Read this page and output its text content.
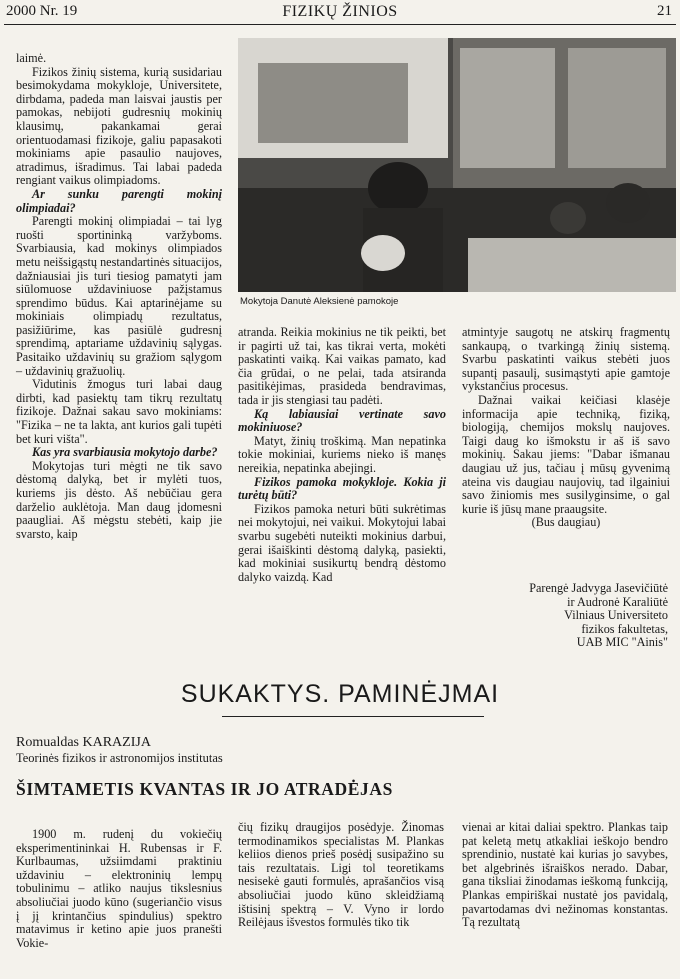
2000 Nr. 19	FIZIKŲ ŽINIOS	21

laimė.

Fizikos žinių sistema, kurią susidariau besimokydama mokykloje, Universitete, dirbdama, padeda man laisvai jaustis per pamokas, nebijoti gudresnių mokinių klausimų, pakankamai gerai orientuodamasi fizikoje, galiu papasakoti mokiniams apie pasaulio naujoves, atradimus, išradimus. Tai labai padeda rengiant vaikus olimpiadoms.

Ar sunku parengti mokinį olimpiadai?

Parengti mokinį olimpiadai – tai lyg ruošti sportininką varžyboms. Svarbiausia, kad mokinys olimpiados metu neišsigąstų nestandartinės situacijos, dažniausiai jis turi tiesiog pamatyti jam siūlomuose uždaviniuose pažįstamus sprendimo būdus. Kai aptarinėjame su mokiniais olimpiadų rezultatus, pasižiūrime, kas pasiūlė gudresnį sprendimą, aptariame uždavinių sąlygas. Pasitaiko uždavinių su gražiom sąlygom – uždavinių gražuolių.

Vidutinis žmogus turi labai daug dirbti, kad pasiektų tam tikrų rezultatų fizikoje. Dažnai sakau savo mokiniams: "Fizika – ne ta lakta, ant kurios gali tupėti bet kuri višta".

Kas yra svarbiausia mokytojo darbe?

Mokytojas turi mėgti ne tik savo dėstomą dalyką, bet ir mylėti tuos, kuriems jis dėsto. Aš nebūčiau gera darželio auklėtoja. Man daug įdomesni paaugliai. Aš mėgstu stebėti, kaip jie svarsto, kaip

Mokytoja Danutė Aleksienė pamokoje

atranda. Reikia mokinius ne tik peikti, bet ir pagirti už tai, kas tikrai verta, mokėti paskatinti vaiką. Kai vaikas pamato, kad čia grūdai, o ne pelai, tada atsiranda pasitikėjimas, prasideda bendravimas, tada ir jis stengiasi tau padėti.

Ką labiausiai vertinate savo mokiniuose?

Matyt, žinių troškimą. Man nepatinka tokie mokiniai, kuriems nieko iš manęs nereikia, nepatinka abejingi.

Fizikos pamoka mokykloje. Kokia ji turėtų būti?

Fizikos pamoka neturi būti sukrėtimas nei mokytojui, nei vaikui. Mokytojui labai svarbu sugebėti nuteikti mokinius darbui, gerai išaiškinti dėstomą dalyką, pasiekti, kad mokiniai susikurtų bendrą dėstomo dalyko vaizdą. Kad

atmintyje saugotų ne atskirų fragmentų sankaupą, o tvarkingą žinių sistemą. Svarbu paskatinti vaikus stebėti juos supantį pasaulį, susimąstyti apie gamtoje vykstančius procesus.

Dažnai vaikai keičiasi klasėje informacija apie techniką, fiziką, biologiją, chemijos mokslų naujoves. Taigi daug ko išmokstu ir aš iš savo mokinių. Sakau jiems: "Dabar išmanau daugiau už jus, tačiau į mūsų gyvenimą ateina vis daugiau naujovių, tad ilgainiui savo žiniomis mes susilyginsime, o gal kurie iš jūsų mane praaugsite.

(Bus daugiau)

Parengė Jadvyga Jasevičiūtė

ir Audronė Karaliūtė

Vilniaus Universiteto

fizikos fakultetas,

UAB MIC "Ainis"

SUKAKTYS. PAMINĖJMAI
Romualdas KARAZIJA
Teorinės fizikos ir astronomijos institutas
ŠIMTAMETIS KVANTAS IR JO ATRADĖJAS

1900 m. rudenį du vokiečių eksperimentininkai H. Rubensas ir F. Kurlbaumas, užsiimdami praktiniu uždaviniu – elektroninių lempų tobulinimu – atliko naujus tikslesnius absoliučiai juodo kūno (sugeriančio visus į jį krintančius spindulius) spektro matavimus ir ketino apie juos pranešti Vokie-

čių fizikų draugijos posėdyje. Žinomas termodinamikos specialistas M. Plankas keliios dienos prieš posėdį susipažino su tais rezultatais. Ligi tol teoretikams nesisekė gauti formulės, aprašančios visą absoliučiai juodo kūno skleidžiamą ištisinį spektrą – V. Vyno ir lordo Reilėjaus išvestos formulės tiko tik

vienai ar kitai daliai spektro. Plankas taip pat keletą metų atkakliai ieškojo bendro sprendinio, nustatė kai kurias jo savybes, bet algebrinės išraiškos nerado. Dabar, gana tiksliai žinodamas ieškomą funkciją, Plankas empiriškai nustatė jos pavidalą, pavartodamas dvi nežinomas konstantas. Tą rezultatą
